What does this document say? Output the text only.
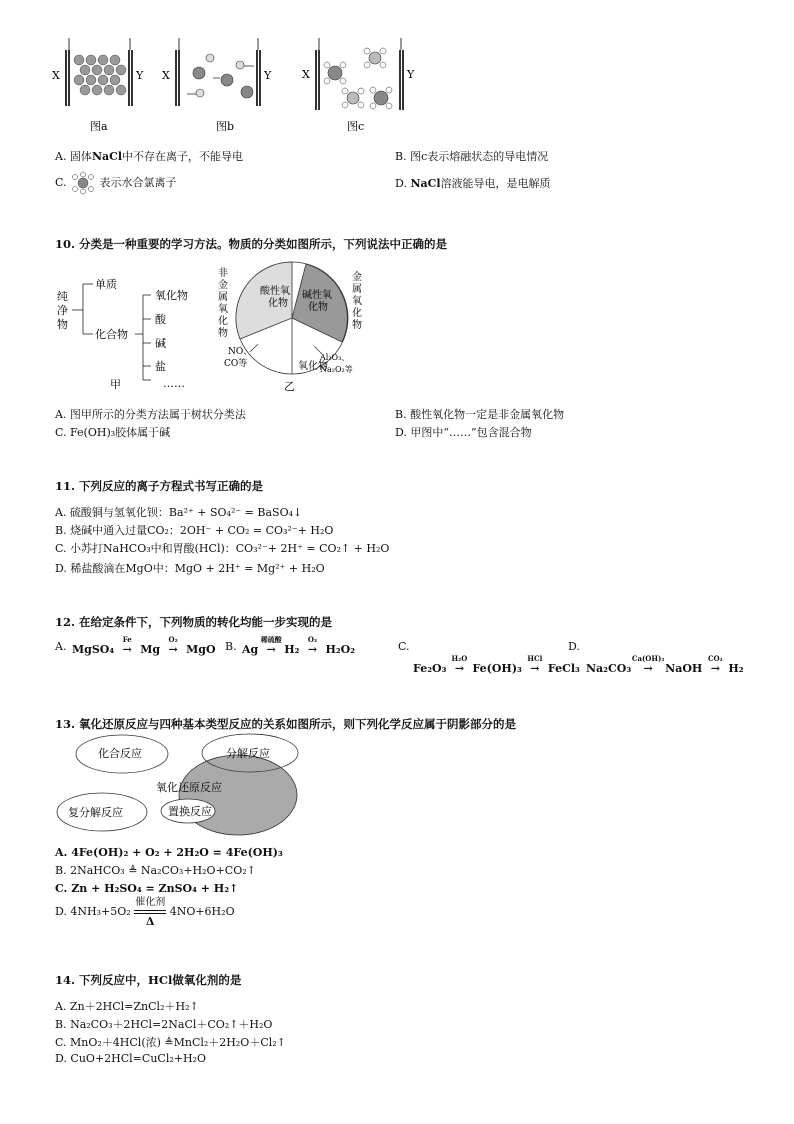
X	Y
图a
X	Y
图b
X	Y
图c
A. 固体NaCl中不存在离子，不能导电	B. 图c表示熔融状态的导电情况
C.	表示水合氯离子	D. NaCl溶液能导电，是电解质
10. 分类是一种重要的学习方法。物质的分类如图所示，下列说法中正确的是
纯
净
物
单质
化合物
氧化物
酸
碱
盐
……
甲
酸性氧
化物
碱性氧
化物
非
金
属
氧
化
物
金
属
氧
化
物
氧化物
NO、
CO等
Al₂O₃、
Na₂O₂等
乙
A. 图甲所示的分类方法属于树状分类法	B. 酸性氧化物一定是非金属氧化物
C. Fe(OH)₃胶体属于碱	D. 甲图中“……”包含混合物
11. 下列反应的离子方程式书写正确的是
A. 硫酸铜与氢氧化钡：Ba²⁺ + SO₄²⁻ = BaSO₄↓
B. 烧碱中通入过量CO₂：2OH⁻ + CO₂ = CO₃²⁻+ H₂O
C. 小苏打NaHCO₃中和胃酸(HCl)：CO₃²⁻+ 2H⁺ = CO₂↑ + H₂O
D. 稀盐酸滴在MgO中：MgO + 2H⁺ = Mg²⁺ + H₂O
12. 在给定条件下，下列物质的转化均能一步实现的是
A. MgSO₄
Fe
→ Mg
O₂
→ MgO B. Ag
稀硫酸
→ H₂
O₂
→ H₂O₂	C.
Fe₂O₃
H₂O
→ Fe(OH)₃
HCl
→ FeCl₃
D.
Na₂CO₃
Ca(OH)₂
→ NaOH
CO₂
→ H₂
13. 氧化还原反应与四种基本类型反应的关系如图所示，则下列化学反应属于阴影部分的是
化合反应	分解反应
复分解反应
氧化还原反应
置换反应
A. 4Fe(OH)₂ + O₂ + 2H₂O = 4Fe(OH)₃
B. 2NaHCO₃ ≜ Na₂CO₃+H₂O+CO₂↑
C. Zn + H₂SO₄ = ZnSO₄ + H₂↑
D. 4NH₃+5O₂
催化剂
Δ
4NO+6H₂O
14. 下列反应中，HCl做氧化剂的是
A. Zn＋2HCl=ZnCl₂＋H₂↑
B. Na₂CO₃＋2HCl=2NaCl＋CO₂↑＋H₂O
C. MnO₂＋4HCl(浓) ≜MnCl₂＋2H₂O＋Cl₂↑
D. CuO+2HCl=CuCl₂+H₂O
